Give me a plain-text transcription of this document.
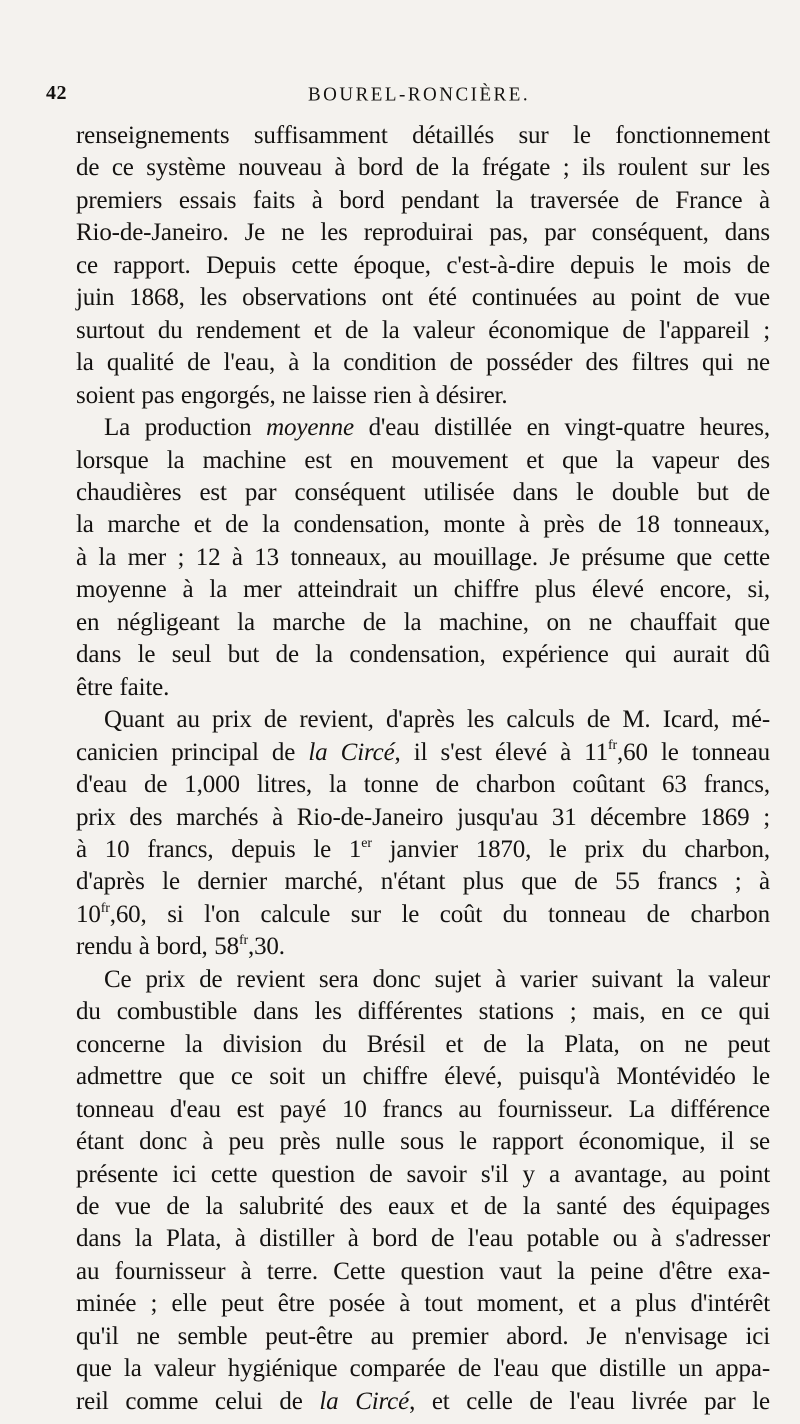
42	BOUREL-RONCIÈRE.

renseignements suffisamment détaillés sur le fonctionnement
de ce système nouveau à bord de la frégate ; ils roulent sur les
premiers essais faits à bord pendant la traversée de France à
Rio-de-Janeiro. Je ne les reproduirai pas, par conséquent, dans
ce rapport. Depuis cette époque, c'est-à-dire depuis le mois de
juin 1868, les observations ont été continuées au point de vue
surtout du rendement et de la valeur économique de l'appareil ;
la qualité de l'eau, à la condition de posséder des filtres qui ne
soient pas engorgés, ne laisse rien à désirer.

La production moyenne d'eau distillée en vingt-quatre heures,
lorsque la machine est en mouvement et que la vapeur des
chaudières est par conséquent utilisée dans le double but de
la marche et de la condensation, monte à près de 18 tonneaux,
à la mer ; 12 à 13 tonneaux, au mouillage. Je présume que cette
moyenne à la mer atteindrait un chiffre plus élevé encore, si,
en négligeant la marche de la machine, on ne chauffait que
dans le seul but de la condensation, expérience qui aurait dû
être faite.

Quant au prix de revient, d'après les calculs de M. Icard, mé-
canicien principal de la Circé, il s'est élevé à $11^{fr},60$ le tonneau
d'eau de 1,000 litres, la tonne de charbon coûtant 63 francs,
prix des marchés à Rio-de-Janeiro jusqu'au 31 décembre 1869 ;
à 10 francs, depuis le 1er janvier 1870, le prix du charbon,
d'après le dernier marché, n'étant plus que de 55 francs ; à
$10^{fr},60$, si l'on calcule sur le coût du tonneau de charbon
rendu à bord, $58^{fr},30$.

Ce prix de revient sera donc sujet à varier suivant la valeur
du combustible dans les différentes stations ; mais, en ce qui
concerne la division du Brésil et de la Plata, on ne peut
admettre que ce soit un chiffre élevé, puisqu'à Montévidéo le
tonneau d'eau est payé 10 francs au fournisseur. La différence
étant donc à peu près nulle sous le rapport économique, il se
présente ici cette question de savoir s'il y a avantage, au point
de vue de la salubrité des eaux et de la santé des équipages
dans la Plata, à distiller à bord de l'eau potable ou à s'adresser
au fournisseur à terre. Cette question vaut la peine d'être exa-
minée ; elle peut être posée à tout moment, et a plus d'intérêt
qu'il ne semble peut-être au premier abord. Je n'envisage ici
que la valeur hygiénique comparée de l'eau que distille un appa-
reil comme celui de la Circé, et celle de l'eau livrée par le
